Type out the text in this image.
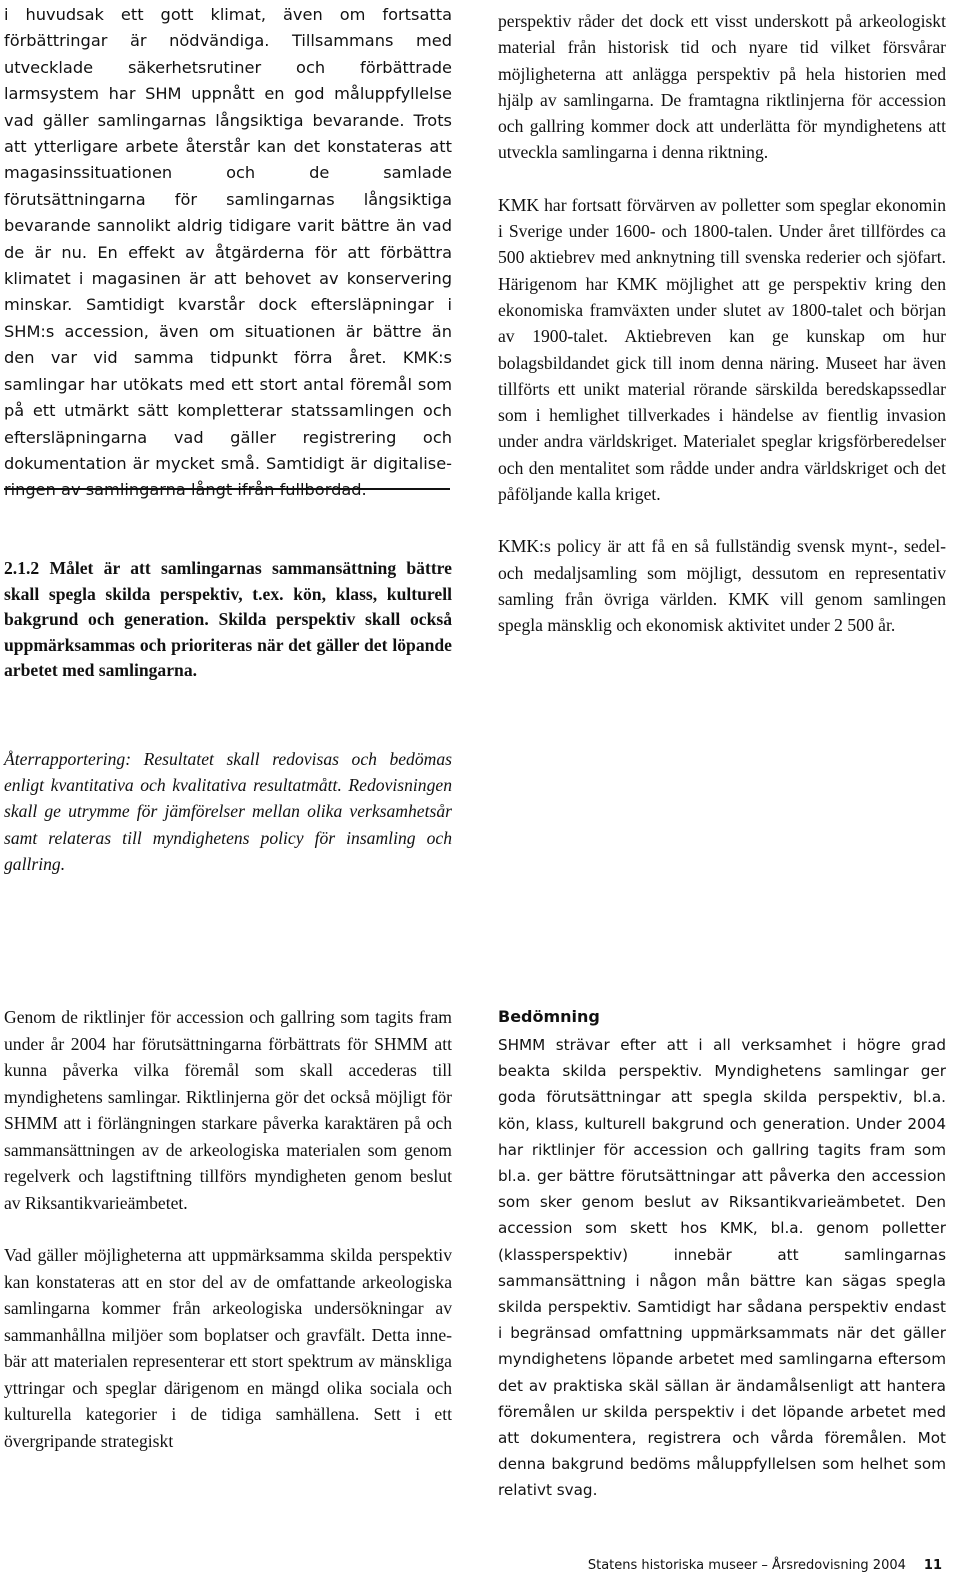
i huvudsak ett gott klimat, även om fortsatta förbättringar är nödvändiga. Tillsammans med utvecklade säkerhetsrutiner och förbättrade larmsystem har SHM uppnått en god måluppfyllelse vad gäller samlingarnas långsiktiga bevarande. Trots att ytterligare arbete återstår kan det konstateras att magasinssituationen och de samlade förutsättningarna för samlingarnas långsiktiga bevarande sannolikt aldrig tidigare varit bättre än vad de är nu. En effekt av åtgärderna för att förbättra klimatet i magasinen är att behovet av konservering minskar. Samtidigt kvarstår dock eftersläpningar i SHM:s accession, även om situationen är bättre än den var vid samma tidpunkt förra året. KMK:s samlingar har utökats med ett stort antal föremål som på ett utmärkt sätt kompletterar statssamlingen och eftersläpningarna vad gäller registrering och dokumentation är mycket små. Samtidigt är digitalise

2.1.2 Målet är att samlingarnas sammansättning bättre skall spegla skilda perspektiv, t.ex. kön, klass, kulturell bakgrund och generation. Skilda perspektiv skall också uppmärksammas och prioriteras när det gäller det löpande arbetet med samlingarna.
Återrapportering: Resultatet skall redovisas och bedömas enligt kvantitativa och kvalitativa resultatmått. Redovisningen skall ge utrymme för jämförelser mellan olika verksamhetsår samt relateras till myndighetens policy för insamling och gallring.

perspektiv råder det dock ett visst underskott på arkeologiskt material från historisk tid och nyare tid vilket försvårar möjligheterna att anlägga perspektiv på hela historien med hjälp av samlingarna. De framtagna riktlinjerna för accession och gallring kommer dock att underlätta för myndighetens att utveckla samlingarna i denna riktning.

KMK har fortsatt förvärven av polletter som speglar ekonomin i Sverige under 1600- och 1800-talen. Under året tillfördes ca 500 aktiebrev med anknytning till svenska rederier och sjöfart. Härigenom har KMK möjlighet att ge perspektiv kring den ekonomiska framväxten under slutet av 1800-talet och början av 1900-talet. Aktiebreven kan ge kunskap om hur bolagsbildandet gick till inom denna näring. Museet har även tillförts ett unikt material rörande särskilda beredskapssedlar som i hemlighet tillverkades i händelse av fientlig invasion under andra världskriget. Materialet speglar krigsförberedelser och den mentalitet som rådde under andra världskriget och det påföljande kalla kriget.

KMK:s policy är att få en så fullständig svensk mynt-, sedel- och medaljsamling som möjligt, dessutom en representativ samling från övriga världen. KMK vill genom samlingen spegla mänsklig och ekonomisk aktivitet under 2 500 år.

Genom de riktlinjer för accession och gallring som tagits fram under år 2004 har förutsättningarna förbättrats för SHMM att kunna påverka vilka föremål som skall accederas till myndighetens samlingar. Riktlinjerna gör det också möjligt för SHMM att i förlängningen starkare påverka karaktären på och sammansättningen av de arkeologiska materialen som genom regelverk och lagstiftning tillförs myndigheten genom beslut av Riksantikvarieämbetet.

Vad gäller möjligheterna att uppmärksamma skilda perspektiv kan konstateras att en stor del av de omfattande arkeologiska samlingarna kommer från arkeologiska undersökningar av sammanhållna miljöer som boplatser och gravfält. Detta innebär att materialen representerar ett stort spektrum av mänskliga yttringar och speglar därigenom en mängd olika sociala och kulturella kategorier i de tidiga samhällena. Sett i ett övergripande strategiskt

Bedömning

SHMM strävar efter att i all verksamhet i högre grad beakta skilda perspektiv. Myndighetens samlingar ger goda förutsättningar att spegla skilda perspektiv, bl.a. kön, klass, kulturell bakgrund och generation. Under 2004 har riktlinjer för accession och gallring tagits fram som bl.a. ger bättre förutsättningar att påverka den accession som sker genom beslut av Riksantikvarieämbetet. Den accession som skett hos KMK, bl.a. genom polletter (klassperspektiv) innebär att samlingarnas sammansättning i någon mån bättre kan sägas spegla skilda perspektiv. Samtidigt har sådana perspektiv endast i begränsad omfattning uppmärksammats när det gäller myndighetens löpande arbetet med samlingarna eftersom det av praktiska skäl sällan är ändamålsenligt att hantera föremålen ur skilda perspektiv i det löpande arbetet med att dokumentera, registrera och vårda föremålen. Mot denna bakgrund bedöms måluppfyllelsen som helhet som relativt svag.

Statens historiska museer – Årsredovisning 2004 11
